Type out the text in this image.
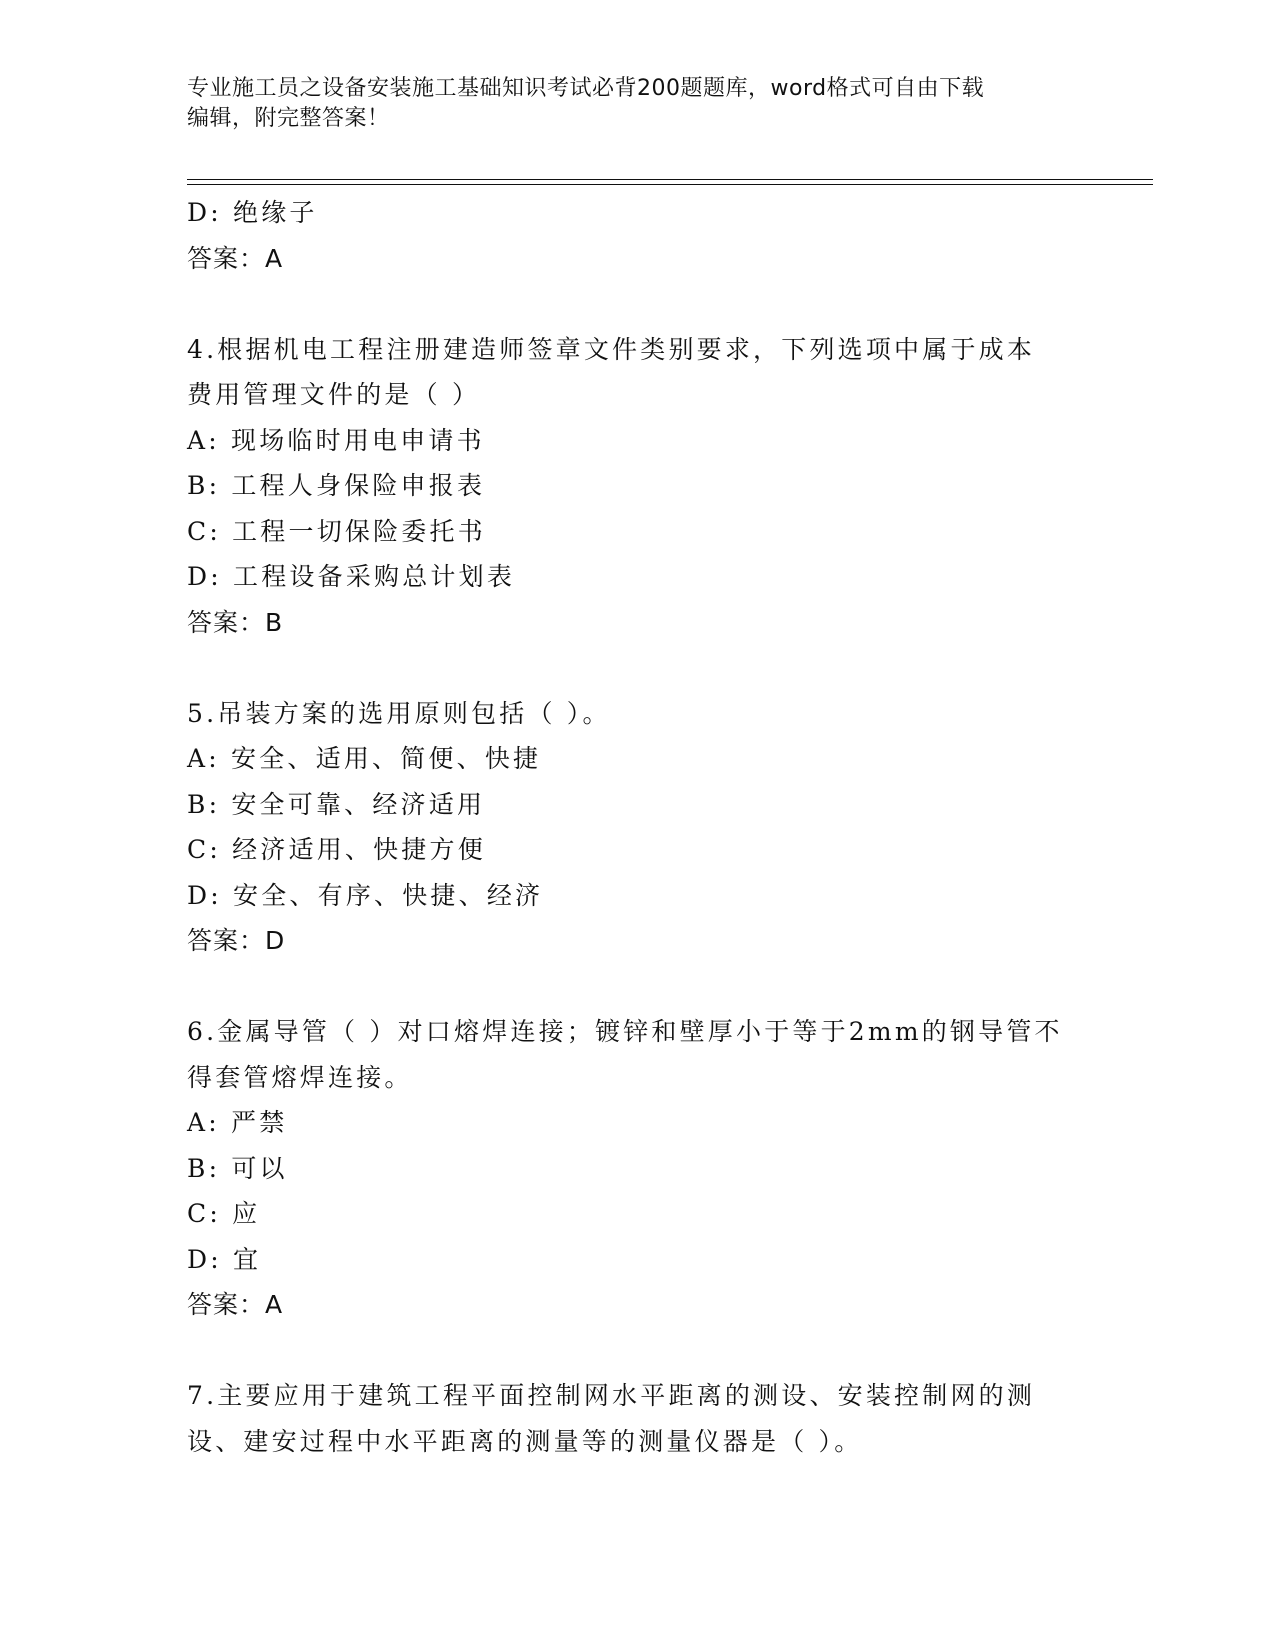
专业施工员之设备安装施工基础知识考试必背200题题库，word格式可自由下载
编辑，附完整答案！
D: 绝缘子
答案：A
4.根据机电工程注册建造师签章文件类别要求，下列选项中属于成本
费用管理文件的是（ ）
A: 现场临时用电申请书
B: 工程人身保险申报表
C: 工程一切保险委托书
D: 工程设备采购总计划表
答案：B
5.吊装方案的选用原则包括（ ）。
A: 安全、适用、简便、快捷
B: 安全可靠、经济适用
C: 经济适用、快捷方便
D: 安全、有序、快捷、经济
答案：D
6.金属导管（ ）对口熔焊连接；镀锌和壁厚小于等于2mm的钢导管不
得套管熔焊连接。
A: 严禁
B: 可以
C: 应
D: 宜
答案：A
7.主要应用于建筑工程平面控制网水平距离的测设、安装控制网的测
设、建安过程中水平距离的测量等的测量仪器是（ ）。
